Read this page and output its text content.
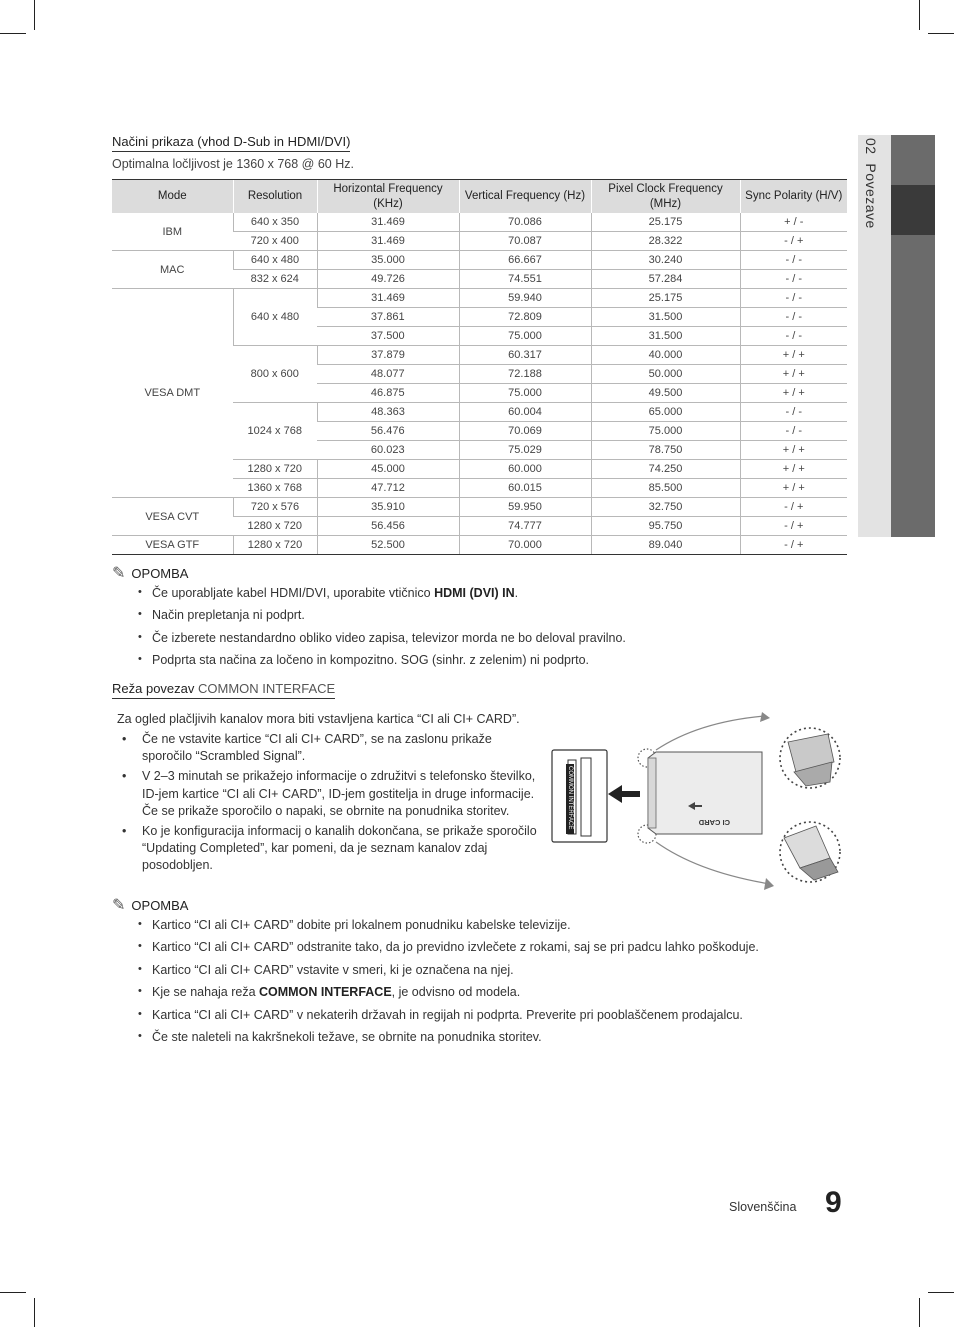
02  Povezave
Načini prikaza (vhod D-Sub in HDMI/DVI)
Optimalna ločljivost je 1360 x 768 @ 60 Hz.
Mode	Resolution	Horizontal Frequency (KHz)	Vertical Frequency (Hz)	Pixel Clock Frequency (MHz)	Sync Polarity (H/V)
IBM	640 x 350	31.469	70.086	25.175	+ / -
	720 x 400	31.469	70.087	28.322	- / +
MAC	640 x 480	35.000	66.667	30.240	- / -
	832 x 624	49.726	74.551	57.284	- / -
VESA DMT	640 x 480	31.469	59.940	25.175	- / -
		37.861	72.809	31.500	- / -
		37.500	75.000	31.500	- / -
	800 x 600	37.879	60.317	40.000	+ / +
		48.077	72.188	50.000	+ / +
		46.875	75.000	49.500	+ / +
	1024 x 768	48.363	60.004	65.000	- / -
		56.476	70.069	75.000	- / -
		60.023	75.029	78.750	+ / +
	1280 x 720	45.000	60.000	74.250	+ / +
	1360 x 768	47.712	60.015	85.500	+ / +
VESA CVT	720 x 576	35.910	59.950	32.750	- / +
	1280 x 720	56.456	74.777	95.750	- / +
VESA GTF	1280 x 720	52.500	70.000	89.040	- / +
✎ OPOMBA
• Če uporabljate kabel HDMI/DVI, uporabite vtičnico HDMI (DVI) IN.
• Način prepletanja ni podprt.
• Če izberete nestandardno obliko video zapisa, televizor morda ne bo deloval pravilno.
• Podprta sta načina za ločeno in kompozitno. SOG (sinhr. z zelenim) ni podprto.
Reža povezav COMMON INTERFACE
Za ogled plačljivih kanalov mora biti vstavljena kartica “CI ali CI+ CARD”.
• Če ne vstavite kartice “CI ali CI+ CARD”, se na zaslonu prikaže sporočilo “Scrambled Signal”.
• V 2–3 minutah se prikažejo informacije o združitvi s telefonsko številko, ID-jem kartice “CI ali CI+ CARD”, ID-jem gostitelja in druge informacije. Če se prikaže sporočilo o napaki, se obrnite na ponudnika storitev.
• Ko je konfiguracija informacij o kanalih dokončana, se prikaže sporočilo “Updating Completed”, kar pomeni, da je seznam kanalov zdaj posodobljen.
COMMON INTERFACE	CI CARD
✎ OPOMBA
• Kartico “CI ali CI+ CARD” dobite pri lokalnem ponudniku kabelske televizije.
• Kartico “CI ali CI+ CARD” odstranite tako, da jo previdno izvlečete z rokami, saj se pri padcu lahko poškoduje.
• Kartico “CI ali CI+ CARD” vstavite v smeri, ki je označena na njej.
• Kje se nahaja reža COMMON INTERFACE, je odvisno od modela.
• Kartica “CI ali CI+ CARD” v nekaterih državah in regijah ni podprta. Preverite pri pooblaščenem prodajalcu.
• Če ste naleteli na kakršnekoli težave, se obrnite na ponudnika storitev.
Slovenščina 9
